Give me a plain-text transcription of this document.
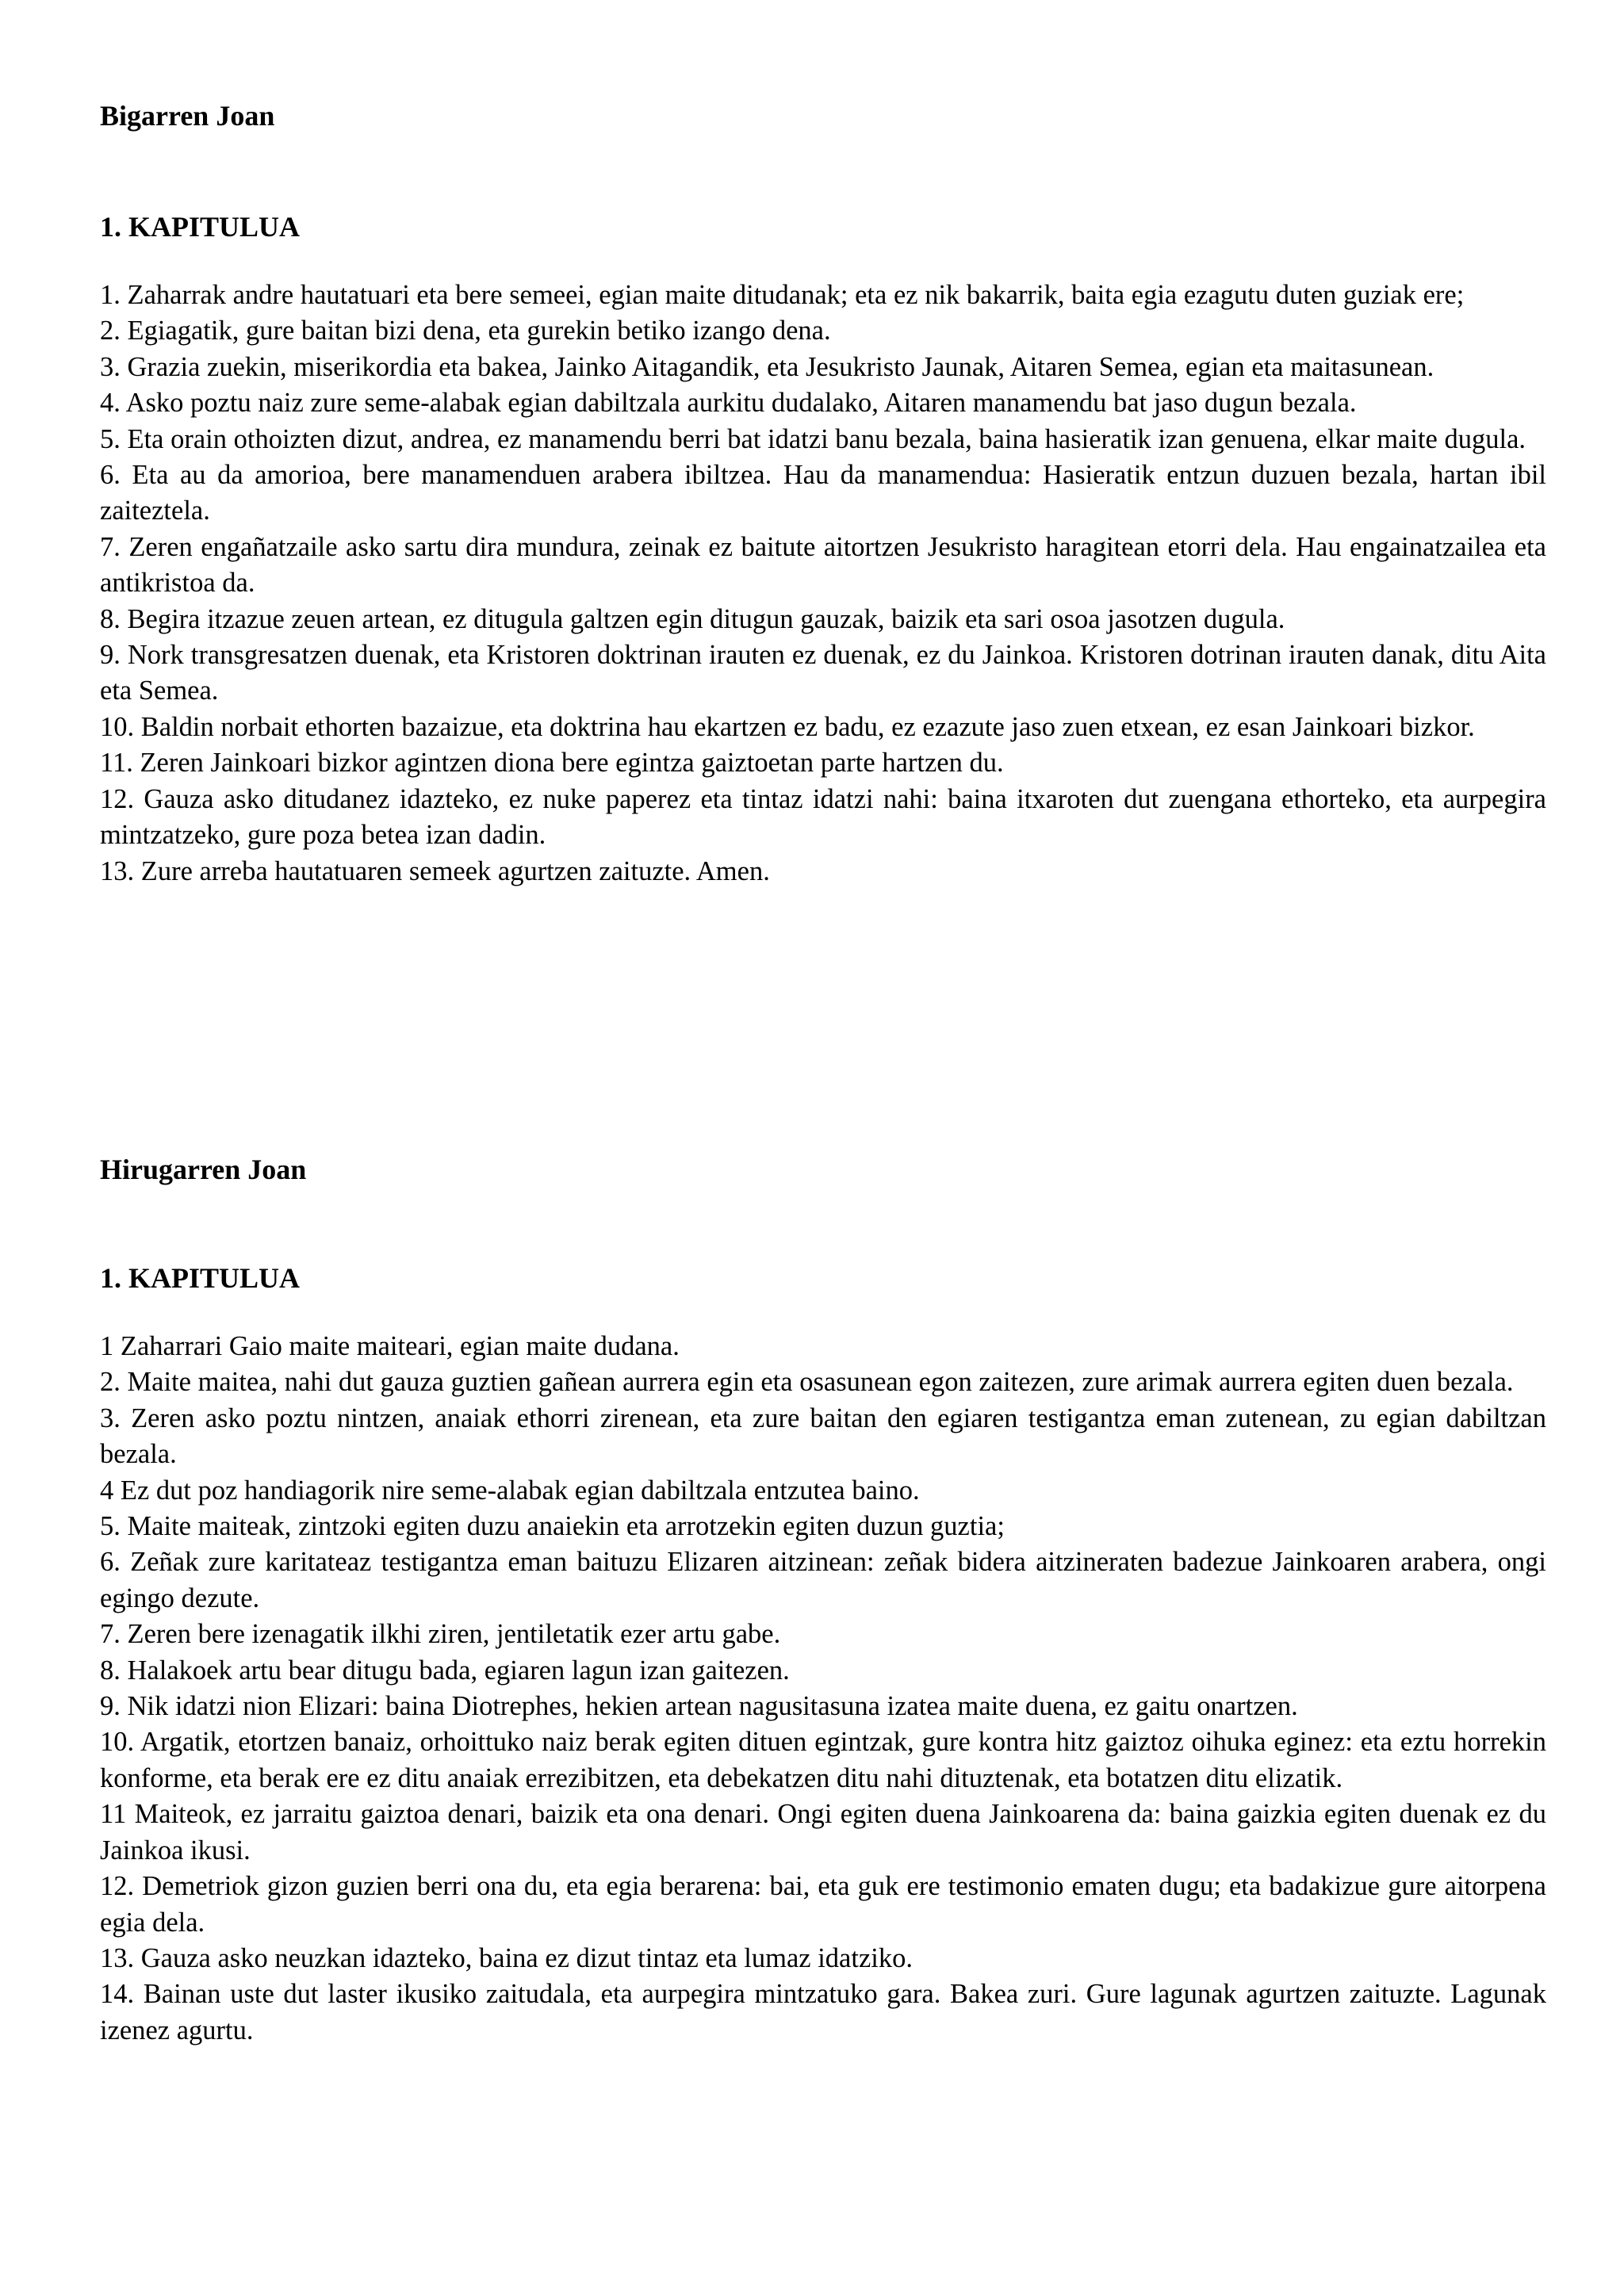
Bigarren Joan
1. KAPITULUA
1. Zaharrak andre hautatuari eta bere semeei, egian maite ditudanak; eta ez nik bakarrik, baita egia ezagutu duten guziak ere;
2. Egiagatik, gure baitan bizi dena, eta gurekin betiko izango dena.
3. Grazia zuekin, miserikordia eta bakea, Jainko Aitagandik, eta Jesukristo Jaunak, Aitaren Semea, egian eta maitasunean.
4. Asko poztu naiz zure seme-alabak egian dabiltzala aurkitu dudalako, Aitaren manamendu bat jaso dugun bezala.
5. Eta orain othoizten dizut, andrea, ez manamendu berri bat idatzi banu bezala, baina hasieratik izan genuena, elkar maite dugula.
6. Eta au da amorioa, bere manamenduen arabera ibiltzea. Hau da manamendua: Hasieratik entzun duzuen bezala, hartan ibil zaiteztela.
7. Zeren engañatzaile asko sartu dira mundura, zeinak ez baitute aitortzen Jesukristo haragitean etorri dela. Hau engainatzailea eta antikristoa da.
8. Begira itzazue zeuen artean, ez ditugula galtzen egin ditugun gauzak, baizik eta sari osoa jasotzen dugula.
9. Nork transgresatzen duenak, eta Kristoren doktrinan irauten ez duenak, ez du Jainkoa. Kristoren dotrinan irauten danak, ditu Aita eta Semea.
10. Baldin norbait ethorten bazaizue, eta doktrina hau ekartzen ez badu, ez ezazute jaso zuen etxean, ez esan Jainkoari bizkor.
11. Zeren Jainkoari bizkor agintzen diona bere egintza gaiztoetan parte hartzen du.
12. Gauza asko ditudanez idazteko, ez nuke paperez eta tintaz idatzi nahi: baina itxaroten dut zuengana ethorteko, eta aurpegira mintzatzeko, gure poza betea izan dadin.
13. Zure arreba hautatuaren semeek agurtzen zaituzte. Amen.
Hirugarren Joan
1. KAPITULUA
1 Zaharrari Gaio maite maiteari, egian maite dudana.
2. Maite maitea, nahi dut gauza guztien gañean aurrera egin eta osasunean egon zaitezen, zure arimak aurrera egiten duen bezala.
3. Zeren asko poztu nintzen, anaiak ethorri zirenean, eta zure baitan den egiaren testigantza eman zutenean, zu egian dabiltzan bezala.
4 Ez dut poz handiagorik nire seme-alabak egian dabiltzala entzutea baino.
5. Maite maiteak, zintzoki egiten duzu anaiekin eta arrotzekin egiten duzun guztia;
6. Zeñak zure karitateaz testigantza eman baituzu Elizaren aitzinean: zeñak bidera aitzineraten badezue Jainkoaren arabera, ongi egingo dezute.
7. Zeren bere izenagatik ilkhi ziren, jentiletatik ezer artu gabe.
8. Halakoek artu bear ditugu bada, egiaren lagun izan gaitezen.
9. Nik idatzi nion Elizari: baina Diotrephes, hekien artean nagusitasuna izatea maite duena, ez gaitu onartzen.
10. Argatik, etortzen banaiz, orhoittuko naiz berak egiten dituen egintzak, gure kontra hitz gaiztoz oihuka eginez: eta eztu horrekin konforme, eta berak ere ez ditu anaiak errezibitzen, eta debekatzen ditu nahi dituztenak, eta botatzen ditu elizatik.
11 Maiteok, ez jarraitu gaiztoa denari, baizik eta ona denari. Ongi egiten duena Jainkoarena da: baina gaizkia egiten duenak ez du Jainkoa ikusi.
12. Demetriok gizon guzien berri ona du, eta egia berarena: bai, eta guk ere testimonio ematen dugu; eta badakizue gure aitorpena egia dela.
13. Gauza asko neuzkan idazteko, baina ez dizut tintaz eta lumaz idatziko.
14. Bainan uste dut laster ikusiko zaitudala, eta aurpegira mintzatuko gara. Bakea zuri. Gure lagunak agurtzen zaituzte. Lagunak izenez agurtu.
